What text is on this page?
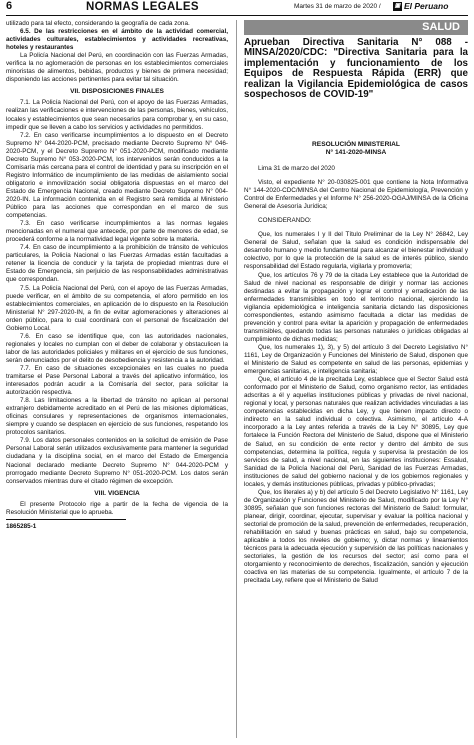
6	NORMAS LEGALES	Martes 31 de marzo de 2020 / ▣ El Peruano

utilizado para tal efecto, considerando la geografía de cada zona.

6.5. De las restricciones en el ámbito de la actividad comercial, actividades culturales, establecimientos y actividades recreativas, hoteles y restaurantes

La Policía Nacional del Perú, en coordinación con las Fuerzas Armadas, verifica la no aglomeración de personas en los establecimientos comerciales minoristas de alimentos, bebidas, productos y bienes de primera necesidad; disponiendo las acciones pertinentes para evitar tal situación.

VII. DISPOSICIONES FINALES

7.1. La Policía Nacional del Perú, con el apoyo de las Fuerzas Armadas, realizan las verificaciones e intervenciones de las personas, bienes, vehículos, locales y establecimientos que sean necesarios para comprobar y, en su caso, impedir que se lleven a cabo los servicios y actividades no permitidos.

7.2. En caso verificarse incumplimientos a lo dispuesto en el Decreto Supremo N° 044-2020-PCM, precisado mediante Decreto Supremo N° 046-2020-PCM, y el Decreto Supremo N° 051-2020-PCM, modificado mediante Decreto Supremo N° 053-2020-PCM, los intervenidos serán conducidos a la Comisaría más cercana para el control de identidad y para su inscripción en el Registro Informático de incumplimiento de las medidas de aislamiento social obligatorio e inmovilización social obligatoria dispuestas en el marco del Estado de Emergencia Nacional, creado mediante Decreto Supremo N° 004-2020-IN. La información contenida en el Registro será remitida al Ministerio Público para las acciones que correspondan en el marco de sus competencias.

7.3. En caso verificarse incumplimientos a las normas legales mencionadas en el numeral que antecede, por parte de menores de edad, se procederá conforme a la normatividad legal vigente sobre la materia.

7.4. En caso de incumplimiento a la prohibición de tránsito de vehículos particulares, la Policía Nacional o las Fuerzas Armadas están facultadas a retener la licencia de conducir y la tarjeta de propiedad mientras dure el Estado de Emergencia, sin perjuicio de las responsabilidades administrativas que correspondan.

7.5. La Policía Nacional del Perú, con el apoyo de las Fuerzas Armadas, puede verificar, en el ámbito de su competencia, el aforo permitido en los establecimientos comerciales, en aplicación de lo dispuesto en la Resolución Ministerial N° 297-2020-IN, a fin de evitar aglomeraciones y alteraciones al orden público, para lo cual coordinará con el personal de fiscalización del Gobierno Local.

7.6. En caso se identifique que, con las autoridades nacionales, regionales y locales no cumplan con el deber de colaborar y obstaculicen la labor de las autoridades policiales y militares en el ejercicio de sus funciones, serán denunciados por el delito de desobediencia y resistencia a la autoridad.

7.7. En caso de situaciones excepcionales en las cuales no pueda tramitarse el Pase Personal Laboral a través del aplicativo informático, los interesados podrán acudir a la Comisaría del sector, para solicitar la autorización respectiva.

7.8. Las limitaciones a la libertad de tránsito no aplican al personal extranjero debidamente acreditado en el Perú de las misiones diplomáticas, oficinas consulares y representaciones de organismos internacionales, siempre y cuando se desplacen en ejercicio de sus funciones, respetando los protocolos sanitarios.

7.9. Los datos personales contenidos en la solicitud de emisión de Pase Personal Laboral serán utilizados exclusivamente para mantener la seguridad ciudadana y la disciplina social, en el marco del Estado de Emergencia Nacional declarado mediante Decreto Supremo N° 044-2020-PCM y prorrogado mediante Decreto Supremo N° 051-2020-PCM. Los datos serán conservados mientras dure el citado régimen de excepción.

VIII. VIGENCIA

El presente Protocolo rige a partir de la fecha de vigencia de la Resolución Ministerial que lo aprueba.

1865285-1

SALUD
Aprueban Directiva Sanitaria N° 088 -MINSA/2020/CDC: "Directiva Sanitaria para la implementación y funcionamiento de los Equipos de Respuesta Rápida (ERR) que realizan la Vigilancia Epidemiológica de casos sospechosos de COVID-19"
RESOLUCIÓN MINISTERIAL
N° 141-2020-MINSA

Lima 31 de marzo del 2020

Visto, el expediente N° 20-030825-001 que contiene la Nota Informativa N° 144-2020-CDC/MINSA del Centro Nacional de Epidemiología, Prevención y Control de Enfermedades y el Informe N° 256-2020-OGAJ/MINSA de la Oficina General de Asesoría Jurídica;

CONSIDERANDO:

Que, los numerales I y II del Título Preliminar de la Ley N° 26842, Ley General de Salud, señalan que la salud es condición indispensable del desarrollo humano y medio fundamental para alcanzar el bienestar individual y colectivo, por lo que la protección de la salud es de interés público, siendo responsabilidad del Estado regularla, vigilarla y promoverla;

Que, los artículos 76 y 79 de la citada Ley establece que la Autoridad de Salud de nivel nacional es responsable de dirigir y normar las acciones destinadas a evitar la propagación y lograr el control y erradicación de las enfermedades transmisibles en todo el territorio nacional, ejerciendo la vigilancia epidemiológica e inteligencia sanitaria dictando las disposiciones correspondientes, estando asimismo facultada a dictar las medidas de prevención y control para evitar la aparición y propagación de enfermedades transmisibles, quedando todas las personas naturales o jurídicas obligadas al cumplimiento de dichas medidas;

Que, los numerales 1), 3), y 5) del artículo 3 del Decreto Legislativo N° 1161, Ley de Organización y Funciones del Ministerio de Salud, disponen que el Ministerio de Salud es competente en salud de las personas, epidemias y emergencias sanitarias, e inteligencia sanitaria;

Que, el artículo 4 de la precitada Ley, establece que el Sector Salud está conformado por el Ministerio de Salud, como organismo rector, las entidades adscritas a él y aquellas instituciones públicas y privadas de nivel nacional, regional y local, y personas naturales que realizan actividades vinculadas a las competencias establecidas en dicha Ley, y que tienen impacto directo o indirecto en la salud individual o colectiva. Asimismo, el artículo 4-A incorporado a la Ley antes referida a través de la Ley N° 30895, Ley que fortalece la Función Rectora del Ministerio de Salud, dispone que el Ministerio de Salud, en su condición de ente rector y dentro del ámbito de sus competencias, determina la política, regula y supervisa la prestación de los servicios de salud, a nivel nacional, en las siguientes instituciones: Essalud, Sanidad de la Policía Nacional del Perú, Sanidad de las Fuerzas Armadas, instituciones de salud del gobierno nacional y de los gobiernos regionales y locales, y demás instituciones públicas, privadas y público-privadas;

Que, los literales a) y b) del artículo 5 del Decreto Legislativo N° 1161, Ley de Organización y Funciones del Ministerio de Salud, modificado por la Ley N° 30895, señalan que son funciones rectoras del Ministerio de Salud: formular, planear, dirigir, coordinar, ejecutar, supervisar y evaluar la política nacional y sectorial de promoción de la salud, prevención de enfermedades, recuperación, rehabilitación en salud y buenas prácticas en salud, bajo su competencia, aplicable a todos los niveles de gobierno; y, dictar normas y lineamientos técnicos para la adecuada ejecución y supervisión de las políticas nacionales y sectoriales, la gestión de los recursos del sector; así como para el otorgamiento y reconocimiento de derechos, fiscalización, sanción y ejecución coactiva en las materias de su competencia. Igualmente, el artículo 7 de la precitada Ley, refiere que el Ministerio de Salud
